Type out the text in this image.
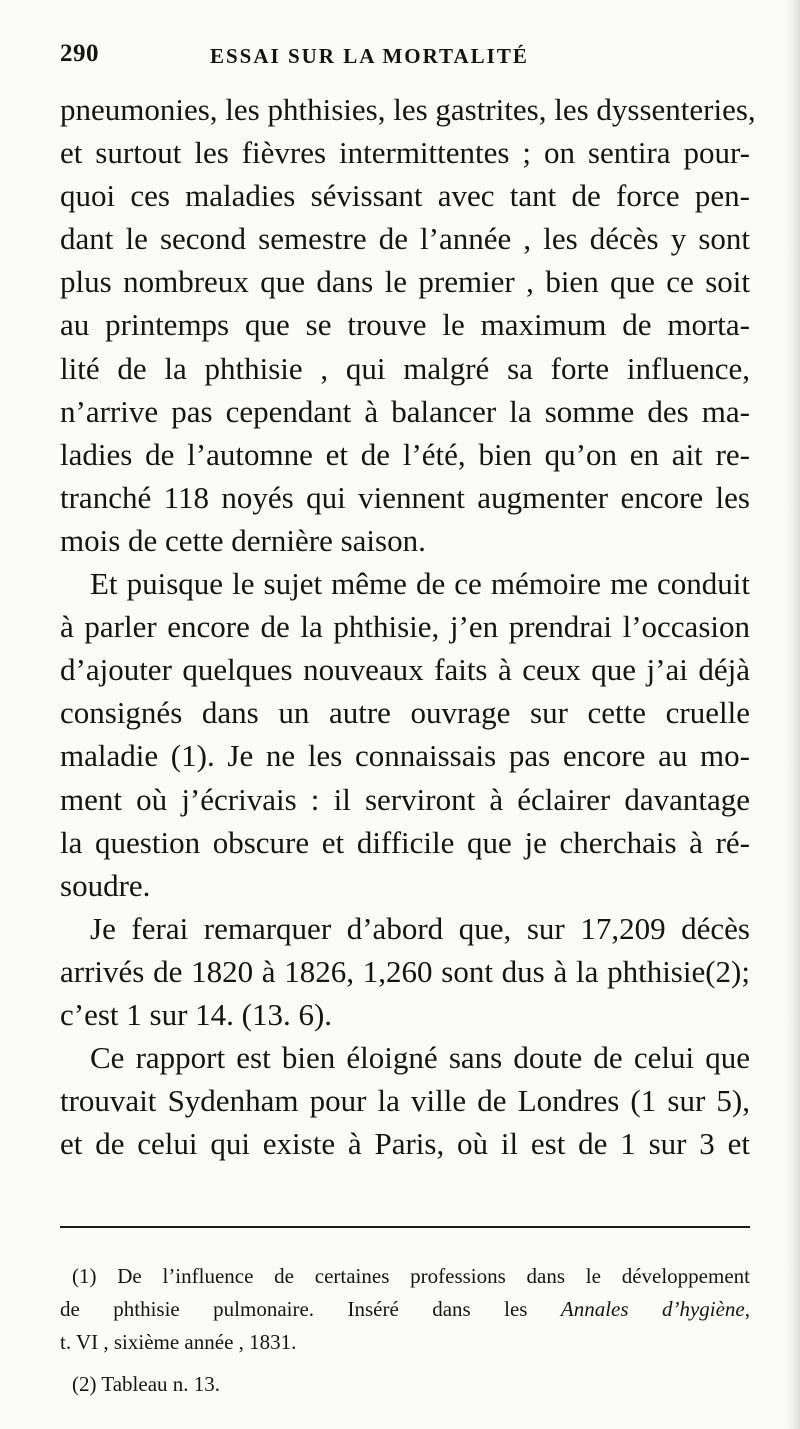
290	ESSAI SUR LA MORTALITÉ

pneumonies, les phthisies, les gastrites, les dyssenteries,
et surtout les fièvres intermittentes ; on sentira pour-
quoi ces maladies sévissant avec tant de force pen-
dant le second semestre de l’année , les décès y sont
plus nombreux que dans le premier , bien que ce soit
au printemps que se trouve le maximum de morta-
lité de la phthisie , qui malgré sa forte influence,
n’arrive pas cependant à balancer la somme des ma-
ladies de l’automne et de l’été, bien qu’on en ait re-
tranché 118 noyés qui viennent augmenter encore les
mois de cette dernière saison.

Et puisque le sujet même de ce mémoire me conduit
à parler encore de la phthisie, j’en prendrai l’occasion
d’ajouter quelques nouveaux faits à ceux que j’ai déjà
consignés dans un autre ouvrage sur cette cruelle
maladie (1). Je ne les connaissais pas encore au mo-
ment où j’écrivais : il serviront à éclairer davantage
la question obscure et difficile que je cherchais à ré-
soudre.

Je ferai remarquer d’abord que, sur 17,209 décès
arrivés de 1820 à 1826, 1,260 sont dus à la phthisie(2);
c’est 1 sur 14. (13. 6).

Ce rapport est bien éloigné sans doute de celui que
trouvait Sydenham pour la ville de Londres (1 sur 5),
et de celui qui existe à Paris, où il est de 1 sur 3 et

(1) De l’influence de certaines professions dans le développement
de phthisie pulmonaire. Inséré dans les Annales d’hygiène,
t. VI , sixième année , 1831.
(2) Tableau n. 13.
